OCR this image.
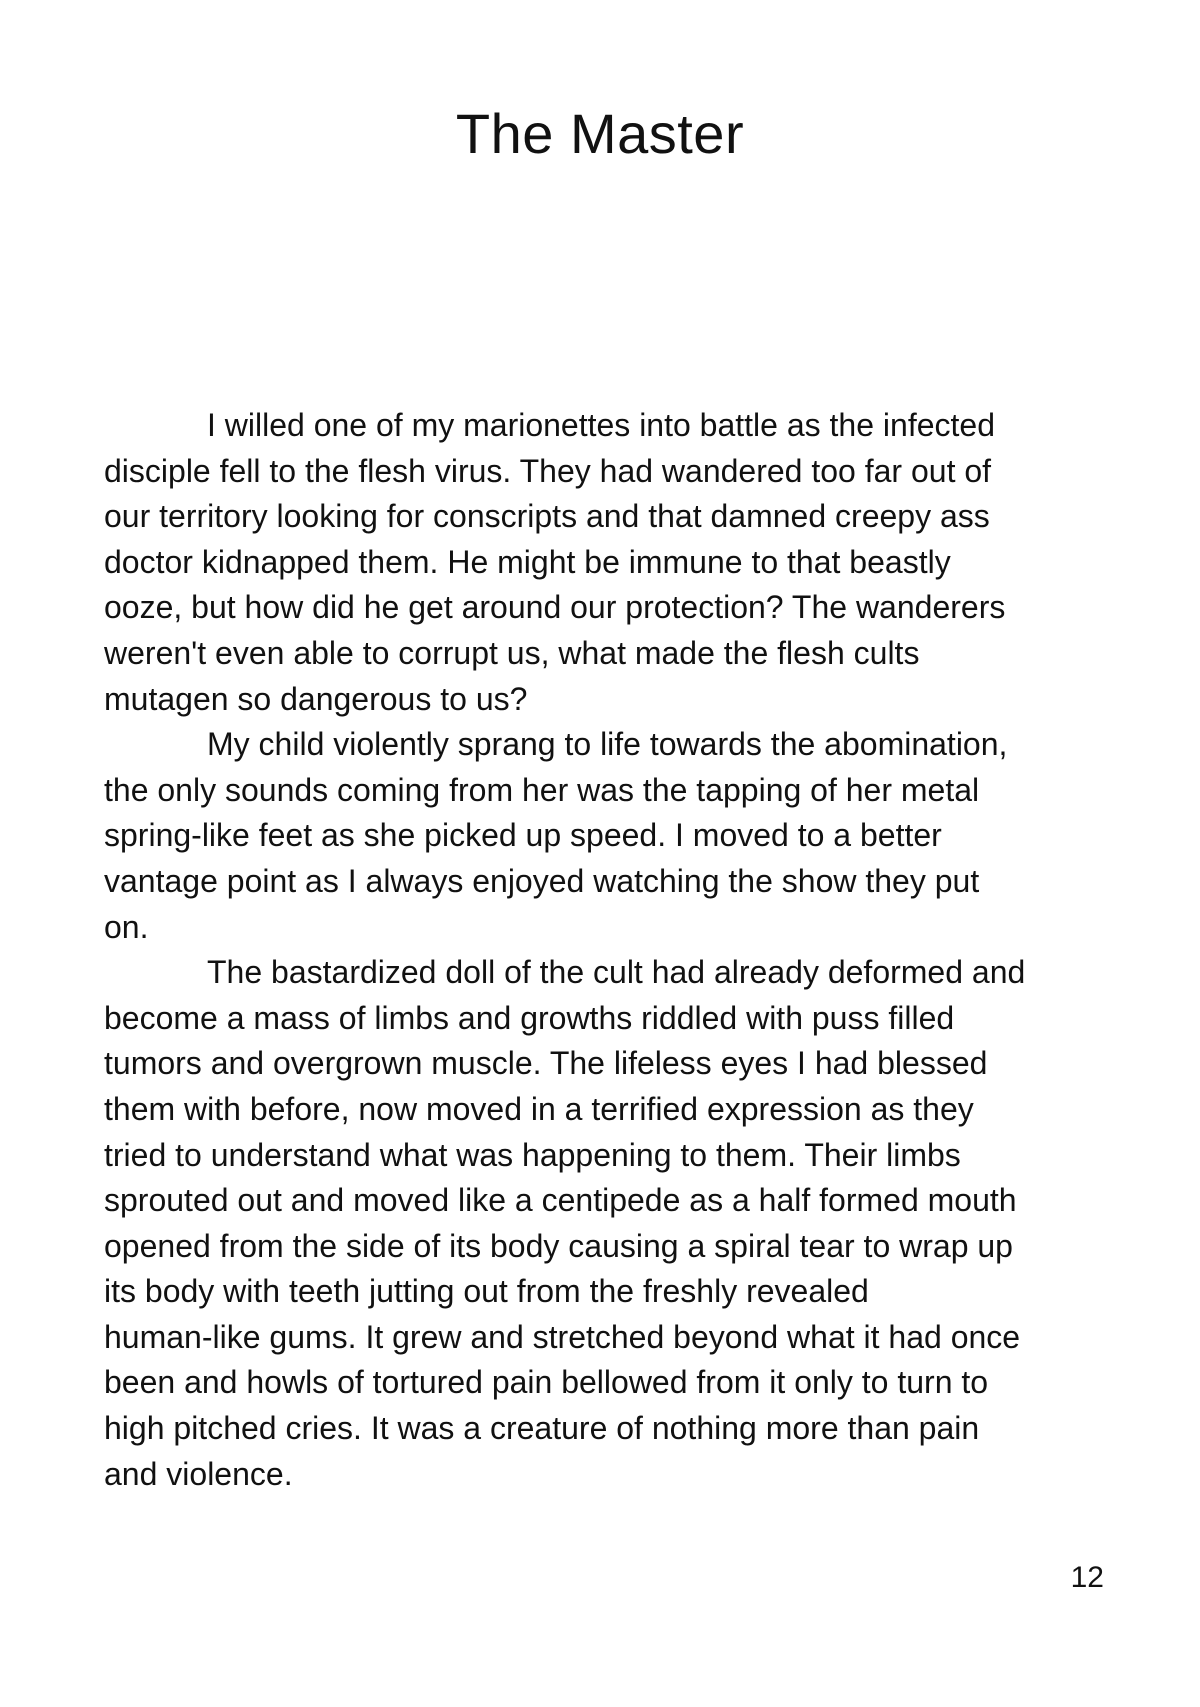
The Master
I willed one of my marionettes into battle as the infected
disciple fell to the flesh virus. They had wandered too far out of
our territory looking for conscripts and that damned creepy ass
doctor kidnapped them. He might be immune to that beastly
ooze, but how did he get around our protection? The wanderers
weren't even able to corrupt us, what made the flesh cults
mutagen so dangerous to us?
My child violently sprang to life towards the abomination,
the only sounds coming from her was the tapping of her metal
spring-like feet as she picked up speed. I moved to a better
vantage point as I always enjoyed watching the show they put
on.
The bastardized doll of the cult had already deformed and
become a mass of limbs and growths riddled with puss filled
tumors and overgrown muscle. The lifeless eyes I had blessed
them with before, now moved in a terrified expression as they
tried to understand what was happening to them. Their limbs
sprouted out and moved like a centipede as a half formed mouth
opened from the side of its body causing a spiral tear to wrap up
its body with teeth jutting out from the freshly revealed
human-like gums. It grew and stretched beyond what it had once
been and howls of tortured pain bellowed from it only to turn to
high pitched cries. It was a creature of nothing more than pain
and violence.
12
